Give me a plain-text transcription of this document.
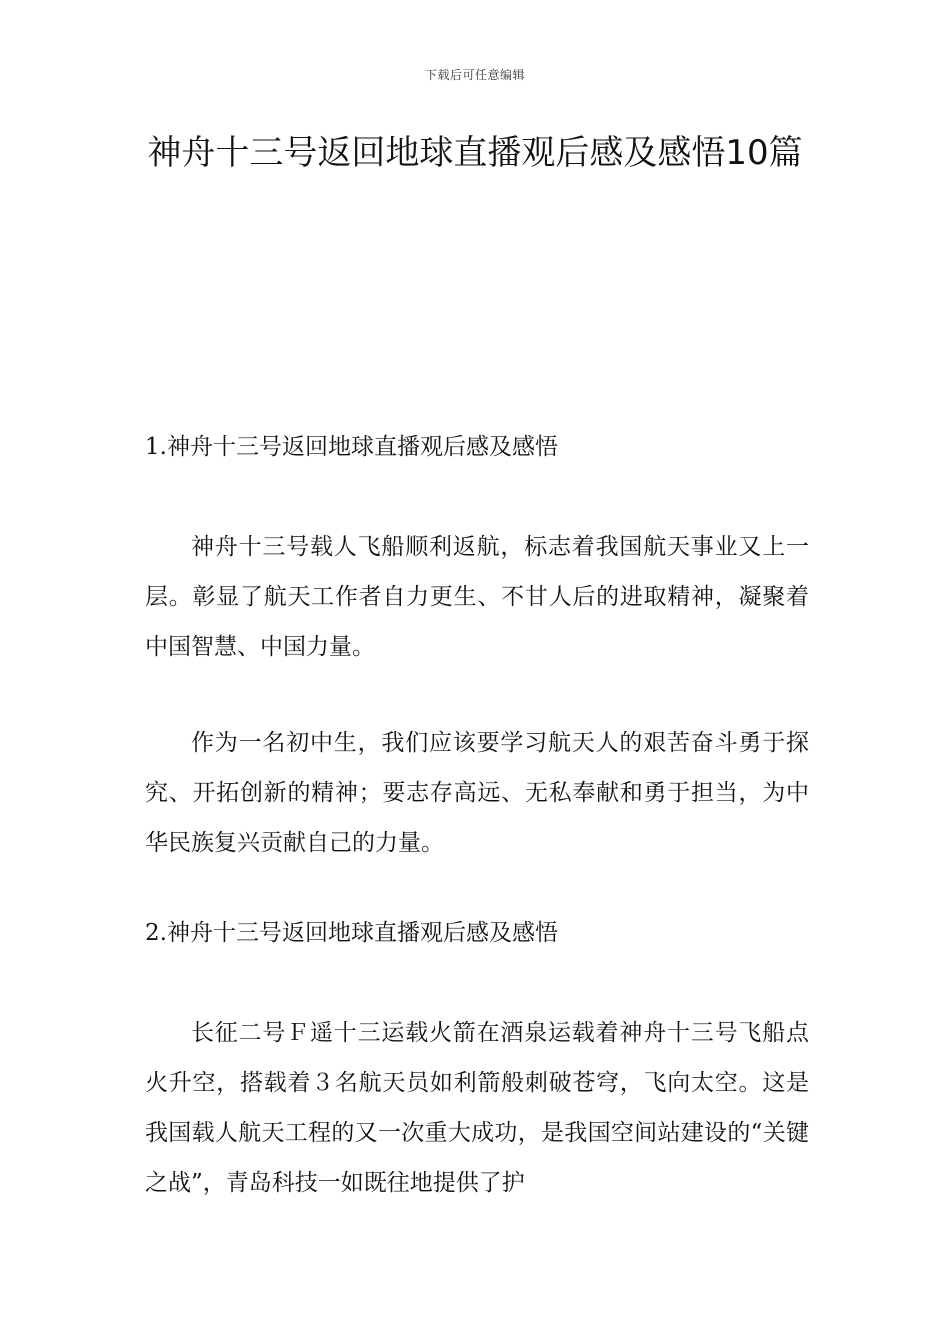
下载后可任意编辑
神舟十三号返回地球直播观后感及感悟10篇

1.神舟十三号返回地球直播观后感及感悟

神舟十三号载人飞船顺利返航，标志着我国航天事业又上一层。彰显了航天工作者自力更生、不甘人后的进取精神，凝聚着中国智慧、中国力量。

作为一名初中生，我们应该要学习航天人的艰苦奋斗勇于探究、开拓创新的精神；要志存高远、无私奉献和勇于担当，为中华民族复兴贡献自己的力量。

2.神舟十三号返回地球直播观后感及感悟

长征二号Ｆ遥十三运载火箭在酒泉运载着神舟十三号飞船点火升空，搭载着３名航天员如利箭般刺破苍穹，飞向太空。这是我国载人航天工程的又一次重大成功，是我国空间站建设的“关键之战”，青岛科技一如既往地提供了护
